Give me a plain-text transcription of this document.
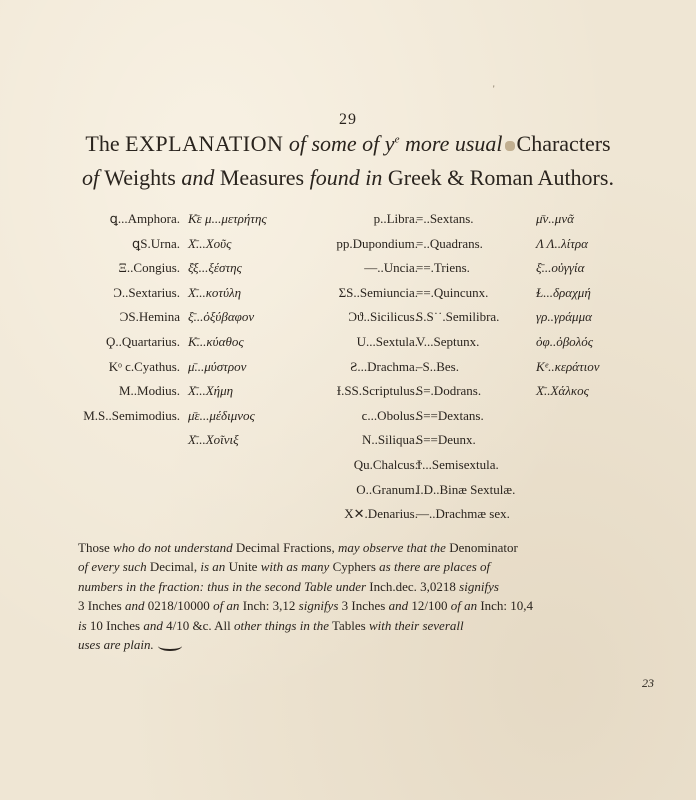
'
29
The EXPLANATION of some of $y^e$ more usual Characters
of Weights and Measures found in Greek & Roman Authors.
ꝗ...Amphora.
ꝗS.Urna.
Ξ..Congius.
Ͻ..Sextarius.
ϽS.Hemina
Ϙ..Quartarius.
Kᵒ ϲ.Cyathus.
M..Modius.
M.S..Semimodius.
Κ̄ε μ...μετρήτης
Χ̄...Χοῦς
ξ̄ξ...ξέστης
Χ̄...κοτύλη
ξ̄...ὀξύβαφον
Κ̄...κύαθος
μ̄...μύστρον
Χ̄...Χήμη
μ̄ε...μέδιμνος
Χ̄...Χοῖνιξ
p..Libra.
pp.Dupondium.
—..Uncia.
ΣS..Semiuncia.
Ͻϑ..Sicilicus.
U...Sextula.
Ƨ...Drachma.
Ɨ.SS.Scriptulus.
ϲ...Obolus.
N..Siliqua.
Qu.Chalcus.
O..Granum.
X✕.Denarius.
=..Sextans.
=..Quadrans.
==.Triens.
==.Quincunx.
S.S˙˙.Semilibra.
V...Septunx.
–S..Bes.
S=.Dodrans.
S==Dextans.
S==Deunx.
Ϯ...Semisextula.
I.D..Binæ Sextulæ.
—..Drachmæ sex.
μ̄ν..μνᾶ
Λ Λ..λίτρα
ξ̄...οὐγγία
Ɫ...δραχμή
γρ..γράμμα
ὀφ..ὀβολός
Kᵉ..κεράτιον
Χ̄..Χάλκος
Those who do not understand Decimal Fractions, may observe that the Denominator
of every such Decimal, is an Unite with as many Cyphers as there are places of
numbers in the fraction: thus in the second Table under Inch.dec. 3,0218 signifys
3 Inches and 0218/10000 of an Inch: 3,12 signifys 3 Inches and 12/100 of an Inch: 10,4
is 10 Inches and 4/10 &c. All other things in the Tables with their severall
uses are plain.
23
